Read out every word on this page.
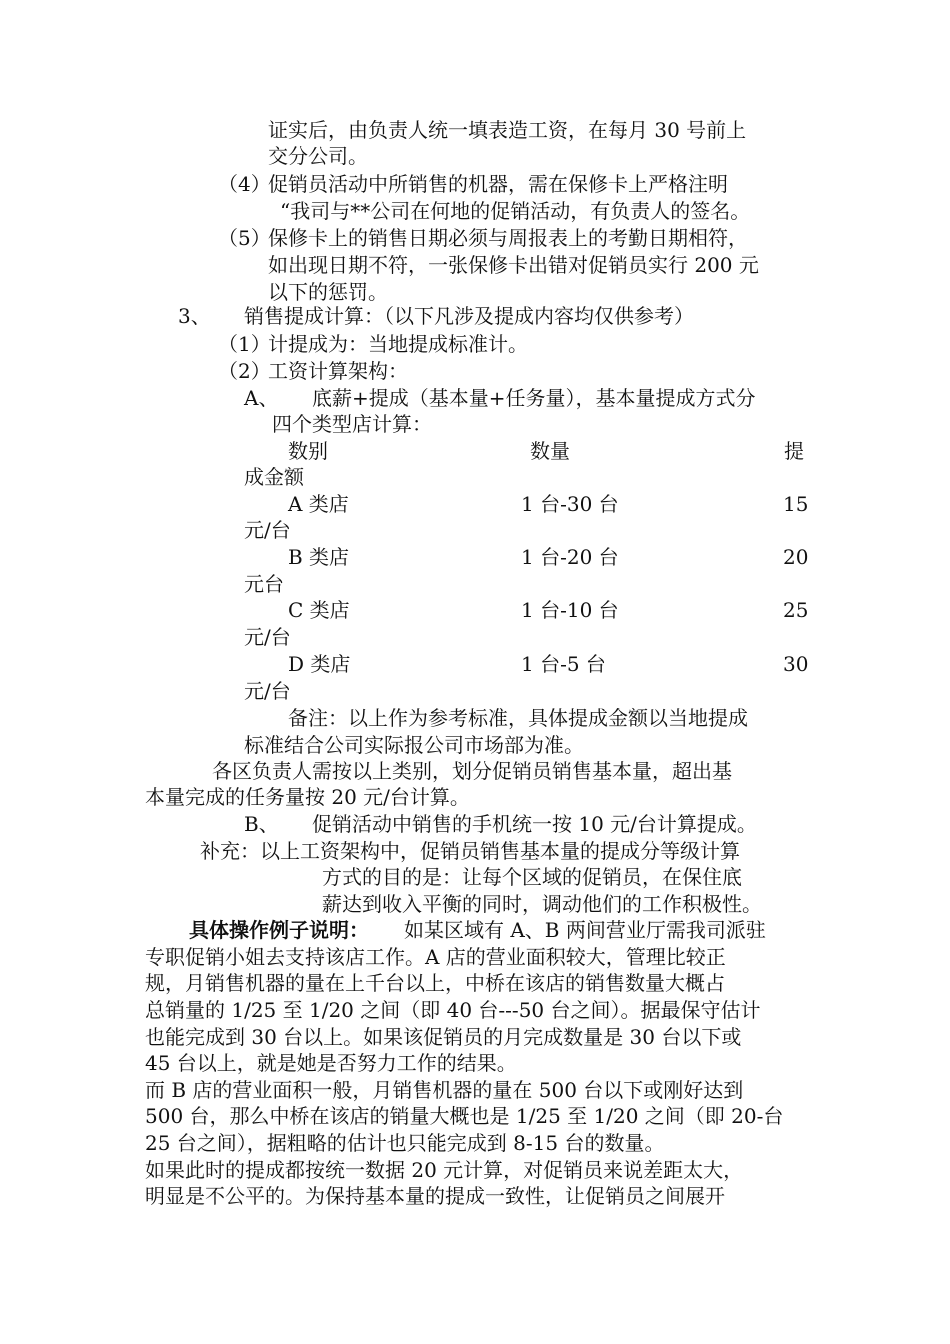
证实后，由负责人统一填表造工资，在每月 30 号前上
交分公司。
（4）
促销员活动中所销售的机器，需在保修卡上严格注明
“我司与**公司在何地的促销活动，有负责人的签名。
（5）
保修卡上的销售日期必须与周报表上的考勤日期相符，
如出现日期不符，一张保修卡出错对促销员实行 200 元
以下的惩罚。
3、 销售提成计算：（以下凡涉及提成内容均仅供参考）
（1）
计提成为：当地提成标准计。
（2）
工资计算架构：
A、 底薪+提成（基本量+任务量），基本量提成方式分
四个类型店计算：
数别	数量	提
成金额
A 类店	1 台-30 台	15
元/台
B 类店	1 台-20 台	20
元台
C 类店	1 台-10 台	25
元/台
D 类店	1 台-5 台	30
元/台
备注：以上作为参考标准，具体提成金额以当地提成
标准结合公司实际报公司市场部为准。
各区负责人需按以上类别，划分促销员销售基本量，超出基
本量完成的任务量按 20 元/台计算。
B、 促销活动中销售的手机统一按 10 元/台计算提成。
补充：以上工资架构中，促销员销售基本量的提成分等级计算
方式的目的是：让每个区域的促销员，在保住底
薪达到收入平衡的同时，调动他们的工作积极性。
具体操作例子说明： 如某区域有 A、B 两间营业厅需我司派驻
专职促销小姐去支持该店工作。A 店的营业面积较大，管理比较正
规，月销售机器的量在上千台以上，中桥在该店的销售数量大概占
总销量的 1/25 至 1/20 之间（即 40 台---50 台之间）。据最保守估计
也能完成到 30 台以上。如果该促销员的月完成数量是 30 台以下或
45 台以上，就是她是否努力工作的结果。
而 B 店的营业面积一般，月销售机器的量在 500 台以下或刚好达到
500 台，那么中桥在该店的销量大概也是 1/25 至 1/20 之间（即 20-台
25 台之间），据粗略的估计也只能完成到 8-15 台的数量。
如果此时的提成都按统一数据 20 元计算，对促销员来说差距太大，
明显是不公平的。为保持基本量的提成一致性，让促销员之间展开
